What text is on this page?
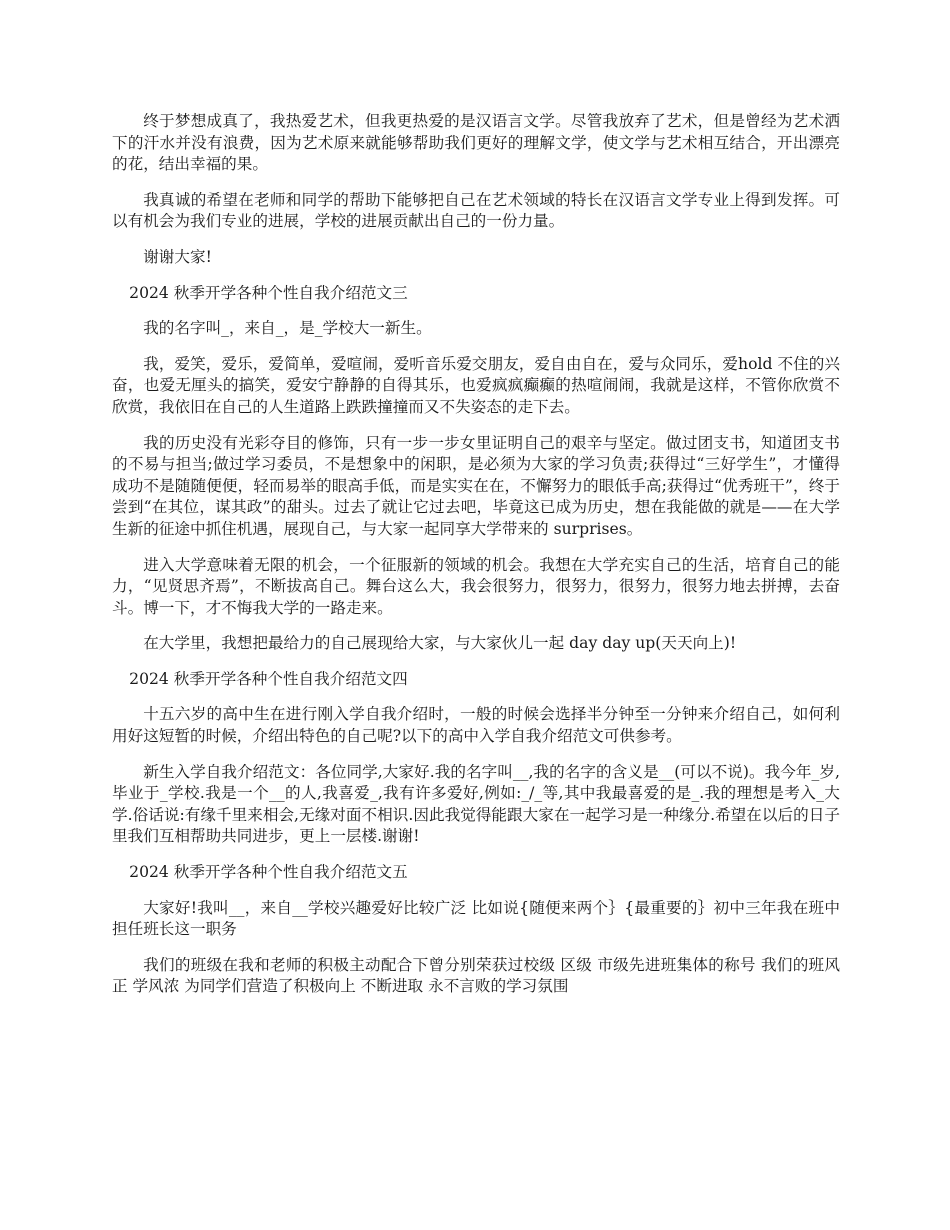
终于梦想成真了，我热爱艺术，但我更热爱的是汉语言文学。尽管我放弃了艺术，但是曾经为艺术洒下的汗水并没有浪费，因为艺术原来就能够帮助我们更好的理解文学，使文学与艺术相互结合，开出漂亮的花，结出幸福的果。

我真诚的希望在老师和同学的帮助下能够把自己在艺术领域的特长在汉语言文学专业上得到发挥。可以有机会为我们专业的进展，学校的进展贡献出自己的一份力量。

谢谢大家!

2024 秋季开学各种个性自我介绍范文三

我的名字叫_，来自_，是_学校大一新生。

我，爱笑，爱乐，爱简单，爱喧闹，爱听音乐爱交朋友，爱自由自在，爱与众同乐，爱hold 不住的兴奋，也爱无厘头的搞笑，爱安宁静静的自得其乐，也爱疯疯癫癫的热喧闹闹，我就是这样，不管你欣赏不欣赏，我依旧在自己的人生道路上跌跌撞撞而又不失姿态的走下去。

我的历史没有光彩夺目的修饰，只有一步一步女里证明自己的艰辛与坚定。做过团支书，知道团支书的不易与担当;做过学习委员，不是想象中的闲职，是必须为大家的学习负责;获得过“三好学生”，才懂得成功不是随随便便，轻而易举的眼高手低，而是实实在在，不懈努力的眼低手高;获得过“优秀班干”，终于尝到“在其位，谋其政”的甜头。过去了就让它过去吧，毕竟这已成为历史，想在我能做的就是——在大学生新的征途中抓住机遇，展现自己，与大家一起同享大学带来的 surprises。

进入大学意味着无限的机会，一个征服新的领域的机会。我想在大学充实自己的生活，培育自己的能力，“见贤思齐焉”，不断拔高自己。舞台这么大，我会很努力，很努力，很努力，很努力地去拼搏，去奋斗。博一下，才不悔我大学的一路走来。

在大学里，我想把最给力的自己展现给大家，与大家伙儿一起 day day up(天天向上)!

2024 秋季开学各种个性自我介绍范文四

十五六岁的高中生在进行刚入学自我介绍时，一般的时候会选择半分钟至一分钟来介绍自己，如何利用好这短暂的时候，介绍出特色的自己呢?以下的高中入学自我介绍范文可供参考。

新生入学自我介绍范文：各位同学,大家好.我的名字叫__,我的名字的含义是__(可以不说)。我今年_岁,毕业于_学校.我是一个__的人,我喜爱_,我有许多爱好,例如:_/_等,其中我最喜爱的是_.我的理想是考入_大学.俗话说:有缘千里来相会,无缘对面不相识.因此我觉得能跟大家在一起学习是一种缘分.希望在以后的日子里我们互相帮助共同进步，更上一层楼.谢谢!

2024 秋季开学各种个性自我介绍范文五

大家好!我叫__，来自__学校兴趣爱好比较广泛 比如说{随便来两个｝{最重要的｝初中三年我在班中担任班长这一职务

我们的班级在我和老师的积极主动配合下曾分别荣获过校级 区级 市级先进班集体的称号 我们的班风正 学风浓 为同学们营造了积极向上 不断进取 永不言败的学习氛围
